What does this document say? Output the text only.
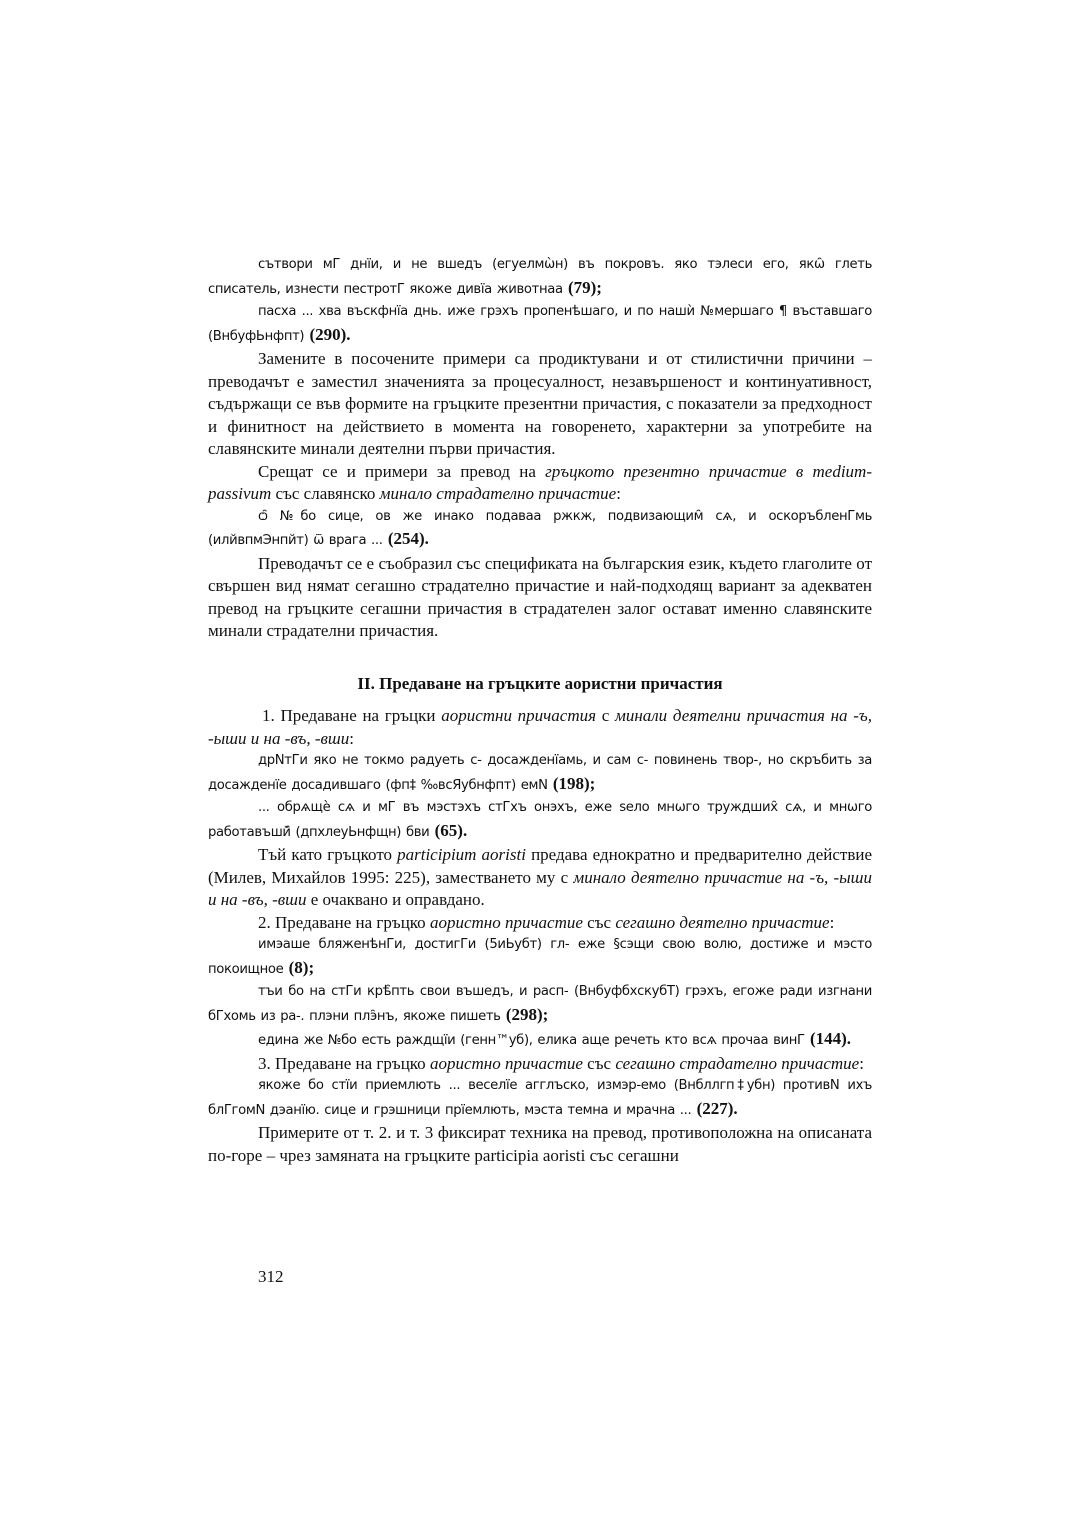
сътвори мГ днїи, и не вшедъ (eгуелмѡ̀н) въ покровъ. яко тэлеси его, якѡ̑ глеть списатель, изнести пестротГ якоже дивїа животнаа (79);

пасха ... хва въскфнїа днь. иже грэхъ пропенѣшаго, и по нашѝ №мершаго ¶ въставшаго (ВнбуфЬнфпт) (290).

Замените в посочените примери са продиктувани и от стилистични причини – преводачът е заместил значенията за процесуалност, незавършеност и континуативност, съдържащи се във формите на гръцките презентни причастия, с показатели за предходност и финитност на действието в момента на говоренето, характерни за употребите на славянските минали деятелни първи причастия.

Срещат се и примери за превод на гръцкото презентно причастие в medium-passivum със славянско минало страдателно причастие:

ѻ̑ №бо сице, ов же инако подаваа ржкж, подвизающим̑ сѧ, и оскоръбленГмь (илйвпмЭнпйт) ѿ врага ... (254).

Преводачът се е съобразил със спецификата на българския език, където глаголите от свършен вид нямат сегашно страдателно причастие и най-подходящ вариант за адекватен превод на гръцките сегашни причастия в страдателен залог остават именно славянските минали страдателни причастия.

II. Предаване на гръцките аористни причастия

1. Предаване на гръцки аористни причастия с минали деятелни причастия на -ъ, -ыши и на -въ, -вши:

дрNтГи яко не токмо радуеть с- досажденїамь, и сам с- повинень твор-, но скръбить за досажденїе досадившаго (фп‡ ‰всЯубнфпт) емN (198);

... обрѧщѐ сѧ и мГ въ мэстэхъ стГхъ онэхъ, еже ѕело мнѡго труждших̑ сѧ, и мнѡго работавъшй̑ (дпхлеуЬнфщн) бви (65).

Тъй като гръцкото participium aoristi предава еднократно и предварително действие (Милев, Михайлов 1995: 225), заместването му с минало деятелно причастие на -ъ, -ыши и на -въ, -вши е очаквано и оправдано.

2. Предаване на гръцко аористно причастие със сегашно деятелно причастие:

имэаше бляженѣнГи, достигГи (5иЬубт) гл- еже §сэщи свою волю, достиже и мэсто покоищное (8);

тъи бо на стГи крѣ̑пть свои въшедъ, и расп- (ВнбуфбхскубТ) грэхъ, егоже ради изгнани бГхомь из ра-. плэни плэ̑нъ, якоже пишеть (298);

едина же №бо есть раждщїи (генн™уб), елика аще речеть кто всѧ прочаа винГ (144).

3. Предаване на гръцко аористно причастие със сегашно страдателно причастие:

якоже бо стїи приемлють ... веселїе агглъско, измэр-емо (Внбллгп‡убн) противN ихъ блГгомN дэанїю. сице и грэшници прїемлють, мэста темна и мрачна ... (227).

Примерите от т. 2. и т. 3 фиксират техника на превод, противоположна на описаната по-горе – чрез замяната на гръцките participia aoristi със сегашни

312
